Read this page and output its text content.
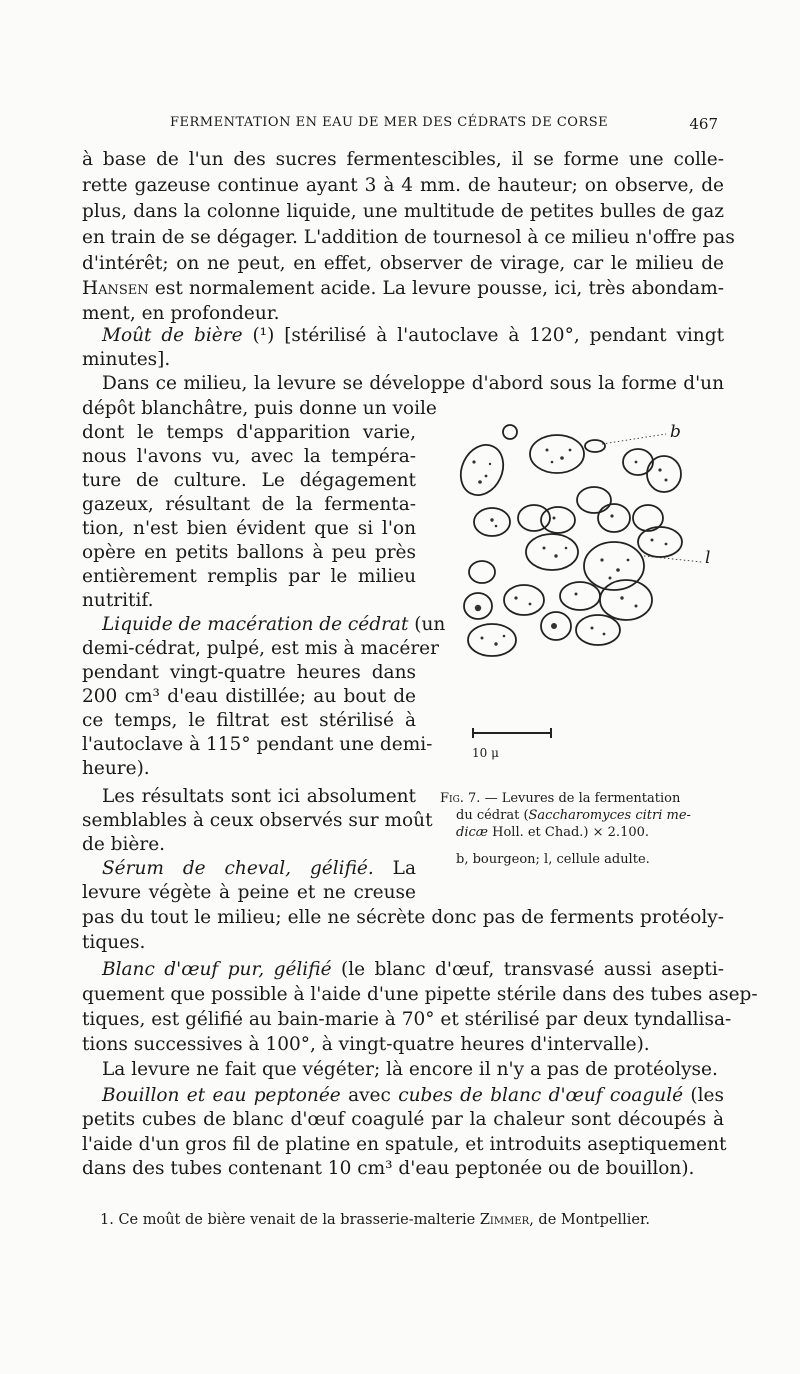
FERMENTATION EN EAU DE MER DES CÉDRATS DE CORSE	467
à base de l'un des sucres fermentescibles, il se forme une colle-
rette gazeuse continue ayant 3 à 4 mm. de hauteur; on observe, de
plus, dans la colonne liquide, une multitude de petites bulles de gaz
en train de se dégager. L'addition de tournesol à ce milieu n'offre pas
d'intérêt; on ne peut, en effet, observer de virage, car le milieu de
Hansen est normalement acide. La levure pousse, ici, très abondam-
ment, en profondeur.
Moût de bière (¹) [stérilisé à l'autoclave à 120°, pendant vingt
minutes].
Dans ce milieu, la levure se développe d'abord sous la forme d'un
dépôt blanchâtre, puis donne un voile
dont le temps d'apparition varie,
nous l'avons vu, avec la tempéra-
ture de culture. Le dégagement
gazeux, résultant de la fermenta-
tion, n'est bien évident que si l'on
opère en petits ballons à peu près
entièrement remplis par le milieu
nutritif.
Liquide de macération de cédrat (un
demi-cédrat, pulpé, est mis à macérer
pendant vingt-quatre heures dans
200 cm³ d'eau distillée; au bout de
ce temps, le filtrat est stérilisé à
l'autoclave à 115° pendant une demi-
heure).
Les résultats sont ici absolument
semblables à ceux observés sur moût
de bière.
Sérum de cheval, gélifié. La
levure végète à peine et ne creuse
b
l
10 μ
Fig. 7. — Levures de la fermentation
du cédrat (Saccharomyces citri me-
dicæ Holl. et Chad.) × 2.100.
b, bourgeon; l, cellule adulte.
pas du tout le milieu; elle ne sécrète donc pas de ferments protéoly-
tiques.
Blanc d'œuf pur, gélifié (le blanc d'œuf, transvasé aussi asepti-
quement que possible à l'aide d'une pipette stérile dans des tubes asep-
tiques, est gélifié au bain-marie à 70° et stérilisé par deux tyndallisa-
tions successives à 100°, à vingt-quatre heures d'intervalle).
La levure ne fait que végéter; là encore il n'y a pas de protéolyse.
Bouillon et eau peptonée avec cubes de blanc d'œuf coagulé (les
petits cubes de blanc d'œuf coagulé par la chaleur sont découpés à
l'aide d'un gros fil de platine en spatule, et introduits aseptiquement
dans des tubes contenant 10 cm³ d'eau peptonée ou de bouillon).
1. Ce moût de bière venait de la brasserie-malterie Zimmer, de Montpellier.
